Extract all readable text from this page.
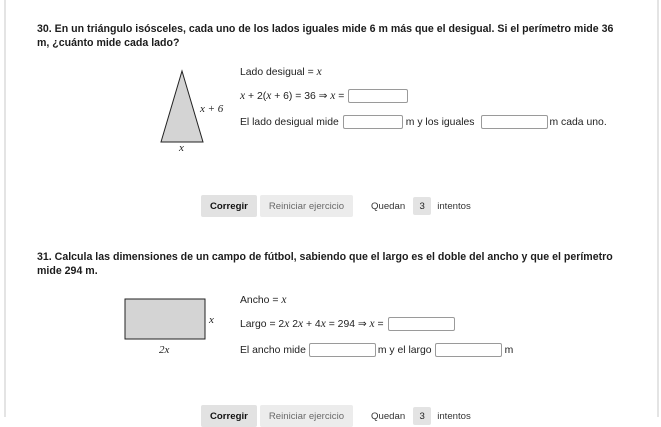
30. En un triángulo isósceles, cada uno de los lados iguales mide 6 m más que el desigual. Si el perímetro mide 36 m, ¿cuánto mide cada lado?
x + 6
x
Lado desigual = x
x + 2( x + 6) = 36 ⇒ x =
El lado desigual mide	m y los iguales	m cada uno.
Corregir	Reiniciar ejercicio	Quedan	3	intentos
31. Calcula las dimensiones de un campo de fútbol, sabiendo que el largo es el doble del ancho y que el perímetro mide 294 m.
x
2x
Ancho = x
Largo = 2 x 2 x + 4 x = 294 ⇒ x =
El ancho mide	m y el largo	m
Corregir	Reiniciar ejercicio	Quedan	3	intentos
